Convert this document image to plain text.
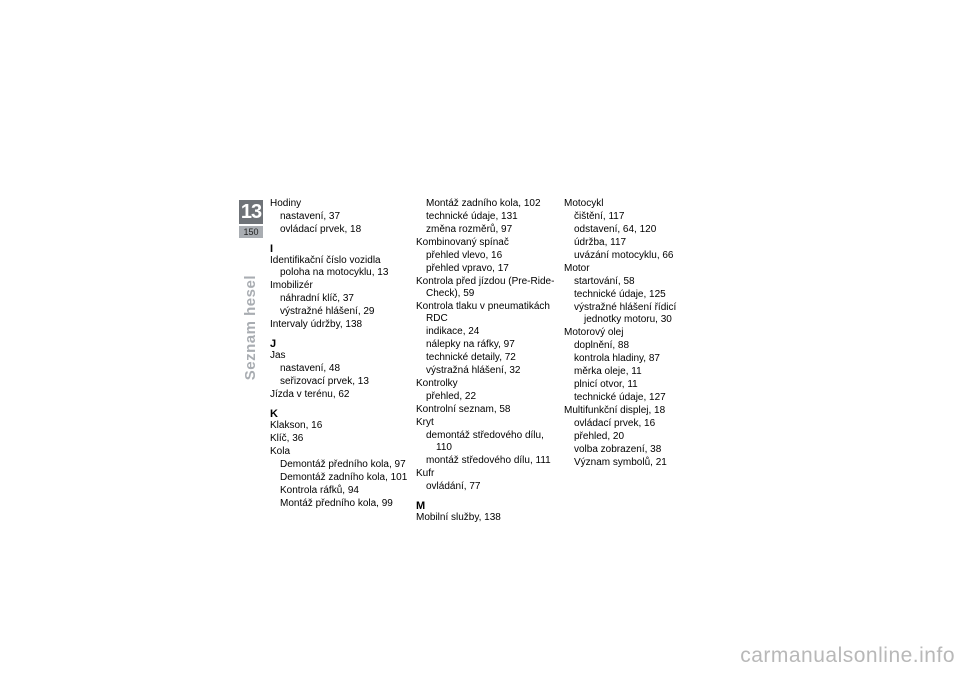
13
150
Seznam hesel
Hodiny
nastavení, 37
ovládací prvek, 18
I
Identifikační číslo vozidla poloha na motocyklu, 13
Imobilizér
náhradní klíč, 37
výstražné hlášení, 29
Intervaly údržby, 138
J
Jas
nastavení, 48
seřizovací prvek, 13
Jízda v terénu, 62
K
Klakson, 16
Klíč, 36
Kola
Demontáž předního kola, 97
Demontáž zadního kola, 101
Kontrola ráfků, 94
Montáž předního kola, 99
Montáž zadního kola, 102
technické údaje, 131
změna rozměrů, 97
Kombinovaný spínač
přehled vlevo, 16
přehled vpravo, 17
Kontrola před jízdou (Pre-Ride-Check), 59
Kontrola tlaku v pneumatikách RDC
indikace, 24
nálepky na ráfky, 97
technické detaily, 72
výstražná hlášení, 32
Kontrolky
přehled, 22
Kontrolní seznam, 58
Kryt
demontáž středového dílu, 110
montáž středového dílu, 111
Kufr
ovládání, 77
M
Mobilní služby, 138
Motocykl
čištění, 117
odstavení, 64, 120
údržba, 117
uvázání motocyklu, 66
Motor
startování, 58
technické údaje, 125
výstražné hlášení řídicí jednotky motoru, 30
Motorový olej
doplnění, 88
kontrola hladiny, 87
měrka oleje, 11
plnicí otvor, 11
technické údaje, 127
Multifunkční displej, 18
ovládací prvek, 16
přehled, 20
volba zobrazení, 38
Význam symbolů, 21
carmanualsonline.info
